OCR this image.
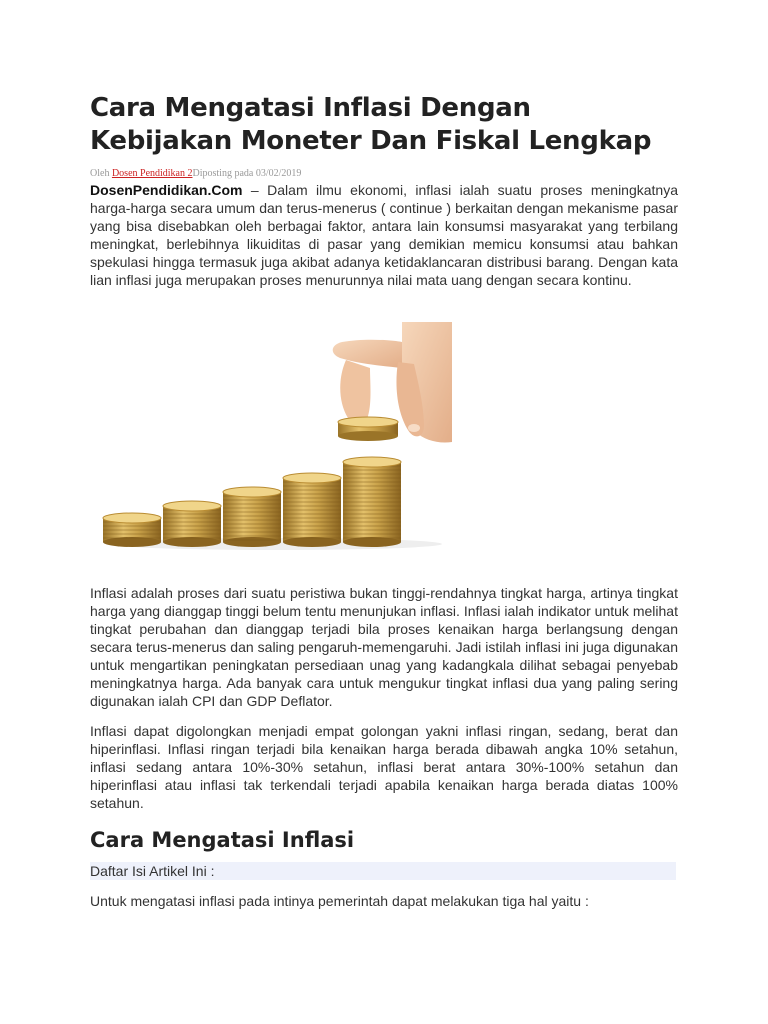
Cara Mengatasi Inflasi Dengan Kebijakan Moneter Dan Fiskal Lengkap
Oleh Dosen Pendidikan 2Diposting pada 03/02/2019

DosenPendidikan.Com – Dalam ilmu ekonomi, inflasi ialah suatu proses meningkatnya harga-harga secara umum dan terus-menerus ( continue ) berkaitan dengan mekanisme pasar yang bisa disebabkan oleh berbagai faktor, antara lain konsumsi masyarakat yang terbilang meningkat, berlebihnya likuiditas di pasar yang demikian memicu konsumsi atau bahkan spekulasi hingga termasuk juga akibat adanya ketidaklancaran distribusi barang. Dengan kata lian inflasi juga merupakan proses menurunnya nilai mata uang dengan secara kontinu.

Inflasi adalah proses dari suatu peristiwa bukan tinggi-rendahnya tingkat harga, artinya tingkat harga yang dianggap tinggi belum tentu menunjukan inflasi. Inflasi ialah indikator untuk melihat tingkat perubahan dan dianggap terjadi bila proses kenaikan harga berlangsung dengan secara terus-menerus dan saling pengaruh-memengaruhi. Jadi istilah inflasi ini juga digunakan untuk mengartikan peningkatan persediaan unag yang kadangkala dilihat sebagai penyebab meningkatnya harga. Ada banyak cara untuk mengukur tingkat inflasi dua yang paling sering digunakan ialah CPI dan GDP Deflator.

Inflasi dapat digolongkan menjadi empat golongan yakni inflasi ringan, sedang, berat dan hiperinflasi. Inflasi ringan terjadi bila kenaikan harga berada dibawah angka 10% setahun, inflasi sedang antara 10%-30% setahun, inflasi berat antara 30%-100% setahun dan hiperinflasi atau inflasi tak terkendali terjadi apabila kenaikan harga berada diatas 100% setahun.

Cara Mengatasi Inflasi
Daftar Isi Artikel Ini :

Untuk mengatasi inflasi pada intinya pemerintah dapat melakukan tiga hal yaitu :
